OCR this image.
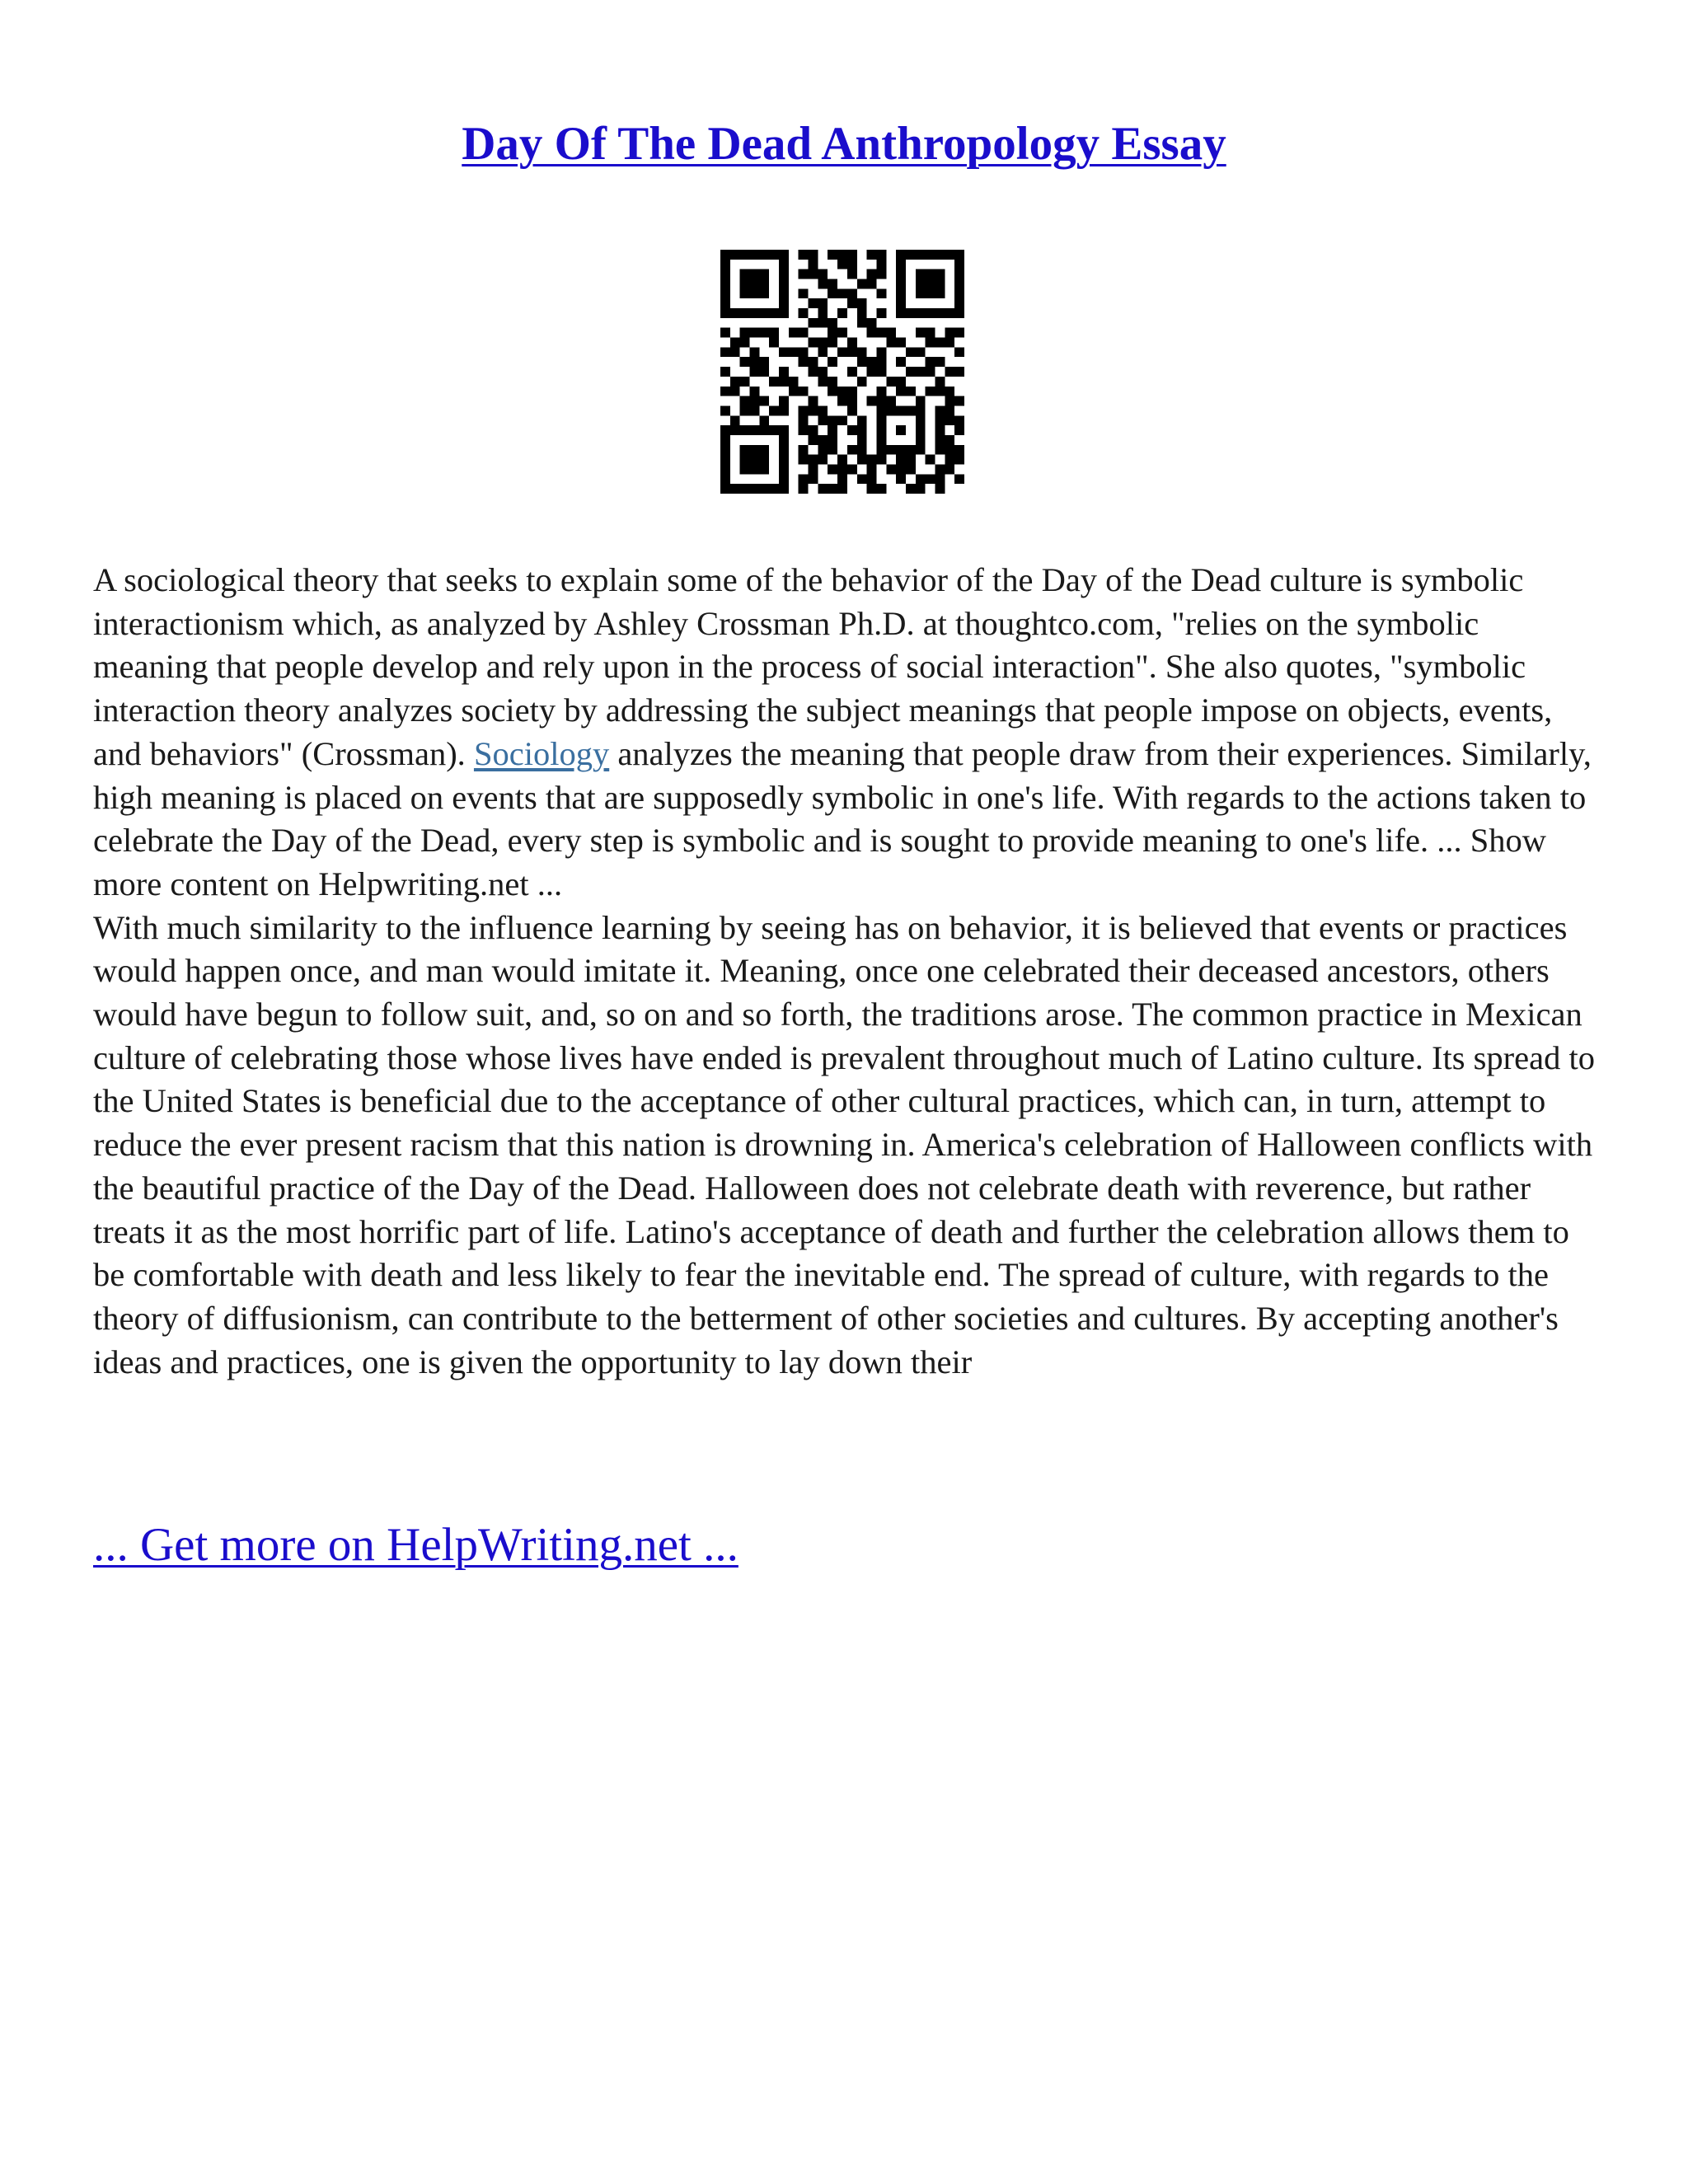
Day Of The Dead Anthropology Essay

A sociological theory that seeks to explain some of the behavior of the Day of the Dead culture is symbolic interactionism which, as analyzed by Ashley Crossman Ph.D. at thoughtco.com, "relies on the symbolic meaning that people develop and rely upon in the process of social interaction". She also quotes, "symbolic interaction theory analyzes society by addressing the subject meanings that people impose on objects, events, and behaviors" (Crossman). Sociology analyzes the meaning that people draw from their experiences. Similarly, high meaning is placed on events that are supposedly symbolic in one's life. With regards to the actions taken to celebrate the Day of the Dead, every step is symbolic and is sought to provide meaning to one's life. ... Show more content on Helpwriting.net ...

With much similarity to the influence learning by seeing has on behavior, it is believed that events or practices would happen once, and man would imitate it. Meaning, once one celebrated their deceased ancestors, others would have begun to follow suit, and, so on and so forth, the traditions arose. The common practice in Mexican culture of celebrating those whose lives have ended is prevalent throughout much of Latino culture. Its spread to the United States is beneficial due to the acceptance of other cultural practices, which can, in turn, attempt to reduce the ever present racism that this nation is drowning in. America's celebration of Halloween conflicts with the beautiful practice of the Day of the Dead. Halloween does not celebrate death with reverence, but rather treats it as the most horrific part of life. Latino's acceptance of death and further the celebration allows them to be comfortable with death and less likely to fear the inevitable end. The spread of culture, with regards to the theory of diffusionism, can contribute to the betterment of other societies and cultures. By accepting another's ideas and practices, one is given the opportunity to lay down their

... Get more on HelpWriting.net ...
